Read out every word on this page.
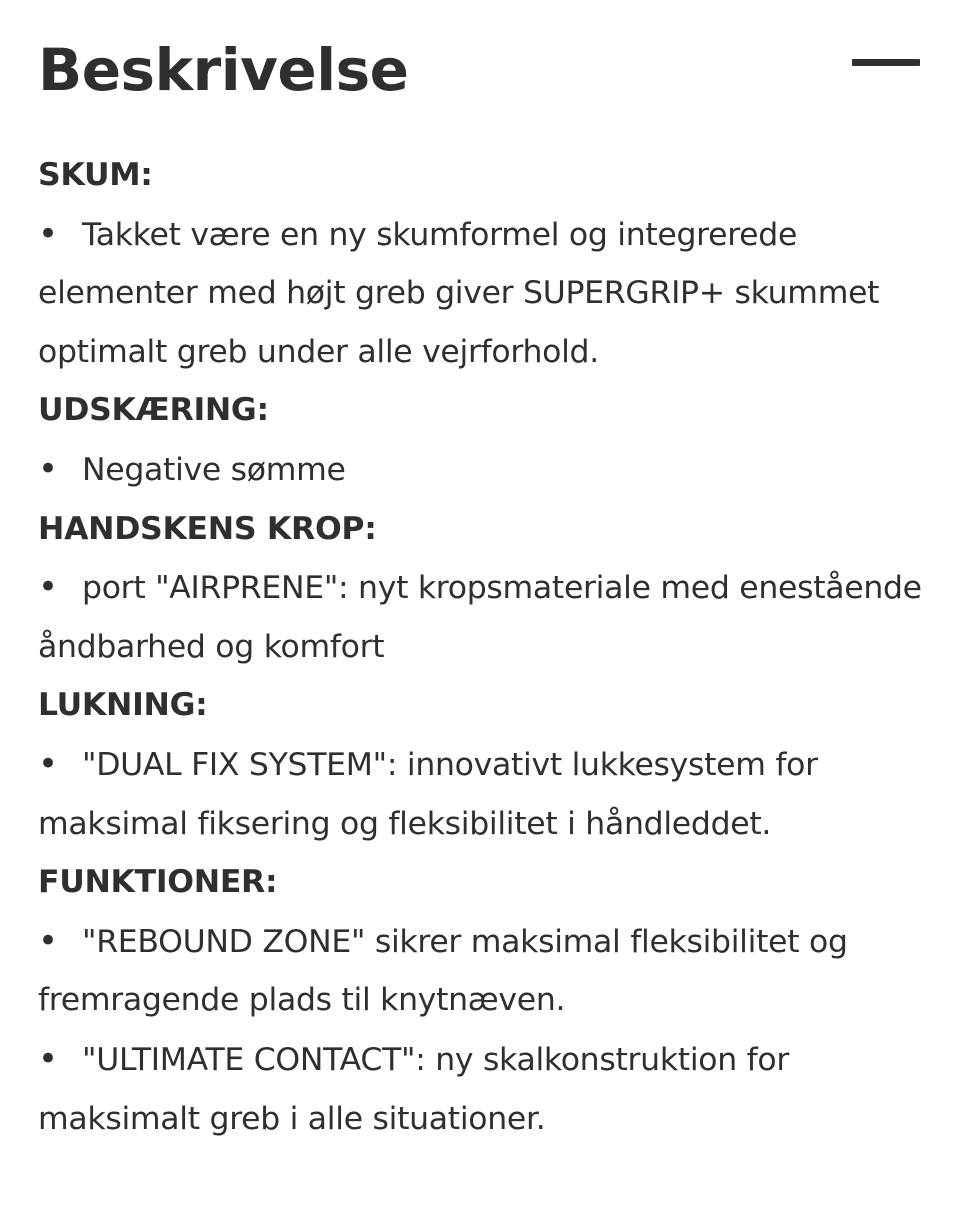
Beskrivelse

SKUM:

• Takket være en ny skumformel og integrerede elementer med højt greb giver SUPERGRIP+ skummet optimalt greb under alle vejrforhold.

UDSKÆRING:

• Negative sømme

HANDSKENS KROP:

• port "AIRPRENE": nyt kropsmateriale med enestående åndbarhed og komfort

LUKNING:

• "DUAL FIX SYSTEM": innovativt lukkesystem for maksimal fiksering og fleksibilitet i håndleddet.

FUNKTIONER:

• "REBOUND ZONE" sikrer maksimal fleksibilitet og fremragende plads til knytnæven.

• "ULTIMATE CONTACT": ny skalkonstruktion for maksimalt greb i alle situationer.
